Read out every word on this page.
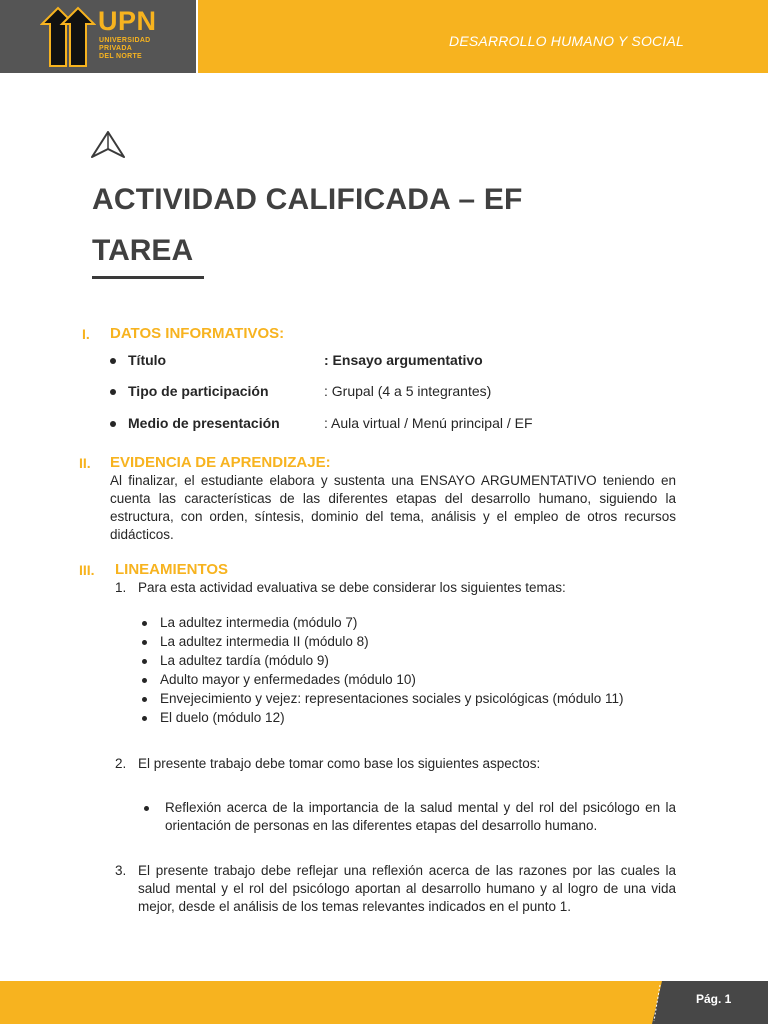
UPN
UNIVERSIDAD
PRIVADA
DEL NORTE
DESARROLLO HUMANO Y SOCIAL
ACTIVIDAD CALIFICADA – EF
TAREA
I. DATOS INFORMATIVOS:
Título	: Ensayo argumentativo
Tipo de participación	: Grupal (4 a 5 integrantes)
Medio de presentación	: Aula virtual / Menú principal / EF
II. EVIDENCIA DE APRENDIZAJE:

Al finalizar, el estudiante elabora y sustenta una ENSAYO ARGUMENTATIVO teniendo en cuenta las características de las diferentes etapas del desarrollo humano, siguiendo la estructura, con orden, síntesis, dominio del tema, análisis y el empleo de otros recursos didácticos.

III. LINEAMIENTOS
1. Para esta actividad evaluativa se debe considerar los siguientes temas:
La adultez intermedia (módulo 7)
La adultez intermedia II (módulo 8)
La adultez tardía (módulo 9)
Adulto mayor y enfermedades (módulo 10)
Envejecimiento y vejez: representaciones sociales y psicológicas (módulo 11)
El duelo (módulo 12)
2. El presente trabajo debe tomar como base los siguientes aspectos:
Reflexión acerca de la importancia de la salud mental y del rol del psicólogo en la orientación de personas en las diferentes etapas del desarrollo humano.
3. El presente trabajo debe reflejar una reflexión acerca de las razones por las cuales la salud mental y el rol del psicólogo aportan al desarrollo humano y al logro de una vida mejor, desde el análisis de los temas relevantes indicados en el punto 1.
Pág. 1
